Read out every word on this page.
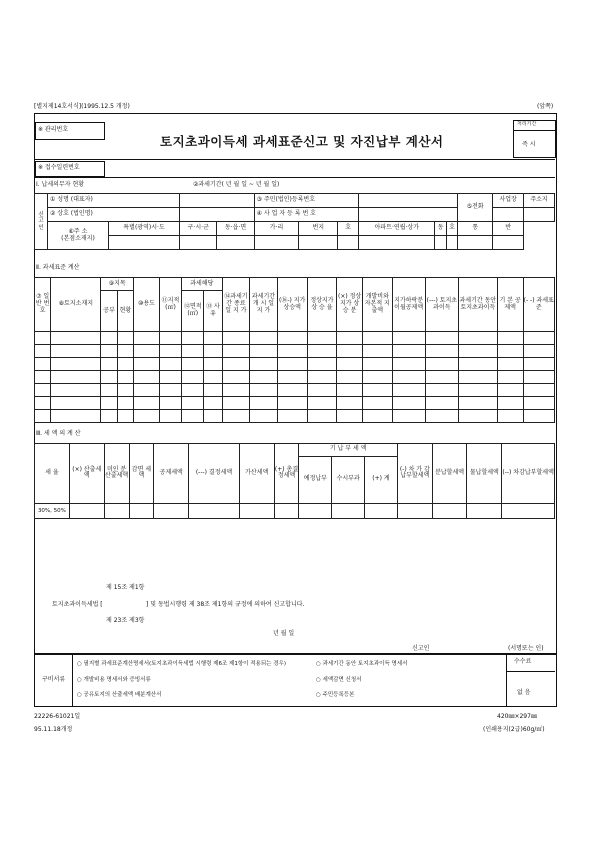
[별지제14호서식](1995.12.5 개정)	(앞쪽)
※ 관리번호
토지초과이득세 과세표준신고 및 자진납부 계산서
처리기간
즉 시
※ 접수일련번호
Ⅰ. 납세의무자 현황	②과세기간( 년 월 일 ~ 년 월 일)
신 고 인	① 성명 (대표자)				③ 주민(법인)등록번호						⑤전화	사업장	주소지
	② 상호 (법인명)				④ 사 업 자 등 록 번 호								
	⑥주 소
(본점소재지)	특별(광역)시·도	구·시·군	동·읍·면	가·리	번지	호	아파트·연립·상가	동	호	통	반	

Ⅱ. 과세표준 계산
⑦ 일반 번호	⑧토지소재지	⑨지목		⑩용도	⑪지적 (㎡)	과세해당		⑭과세기간 종료 일 지 가	과세기간 개 시 일 지 가	(⑯-) 지가상승액	정상지가 상 승 율	(×) 정상지가 상 승 분	개발비와 자본적 지출액	지가하락분 이월공제액	(---) 토지초과이득	과세기간 동안 토지초과이득	기 본 공제액	(- -) 과세표준
		공부	현황			⑫면적 (㎡)	⑬ 사유											

Ⅲ. 세 액 의 계 산
세 율	(×) 산출세액	미인 분 산출세액	감면 세액	공제세액	(---) 결정세액	가산세액	(+) 총결정세액	기 납 부 세 액			(-) 차 가 감 납부할세액	분납할세액	물납할세액	(--) 차감납부할세액
								예정납부	수시부과	(+) 계				
30%, 50%														
제 15조 제1항
토지초과이득세법 [	] 및 동법시행령 제 38조 제1항의 규정에 의하여 신고합니다.
제 23조 제3항
년 월 일
신고인	(서명또는 인)
구비서류
○ 필지별 과세표준계산명세서(토지초과이득세법 시행령 제6조 제1항이 적용되는 경우)	○ 과세기간 동안 토지초과이득 명세서
○ 개발비용 명세서와 증빙서류	○ 세액감면 신청서
○ 공유토지의 산출세액 배분계산서	○ 주민등록등본
수수료
없 음
22226-61021일
95.11.18개정
420㎜×297㎜
(인쇄용지(2급)60g/㎡)
